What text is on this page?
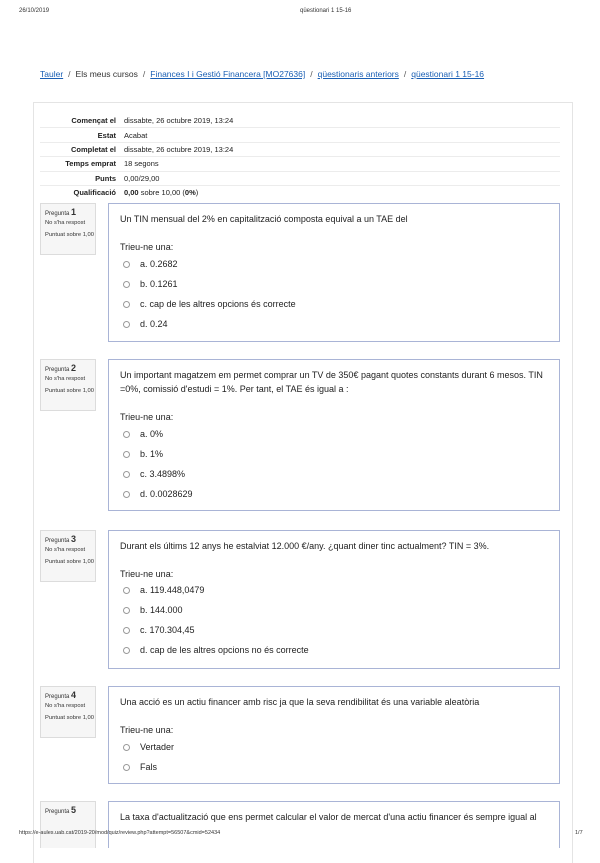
26/10/2019	qüestionari 1 15-16
Tauler / Els meus cursos / Finances I i Gestió Financera [MO27636] / qüestionaris anteriors / qüestionari 1 15-16
Començat el	dissabte, 26 octubre 2019, 13:24
Estat	Acabat
Completat el	dissabte, 26 octubre 2019, 13:24
Temps emprat	18 segons
Punts	0,00/29,00
Qualificació	0,00 sobre 10,00 (0%)
Pregunta 1
No s'ha respost
Puntuat sobre 1,00
Un TIN mensual del 2% en capitalització composta equival a un TAE del
Trieu-ne una:
a. 0.2682
b. 0.1261
c. cap de les altres opcions és correcte
d. 0.24
Pregunta 2
No s'ha respost
Puntuat sobre 1,00
Un important magatzem em permet comprar un TV de 350€ pagant quotes constants durant 6 mesos. TIN =0%, comissió d'estudi = 1%. Per tant, el TAE és igual a :
Trieu-ne una:
a. 0%
b. 1%
c. 3.4898%
d. 0.0028629
Pregunta 3
No s'ha respost
Puntuat sobre 1,00
Durant els últims 12 anys he estalviat 12.000 €/any. ¿quant diner tinc actualment? TIN = 3%.
Trieu-ne una:
a. 119.448,0479
b. 144.000
c. 170.304,45
d. cap de les altres opcions no és correcte
Pregunta 4
No s'ha respost
Puntuat sobre 1,00
Una acció es un actiu financer amb risc ja que la seva rendibilitat és una variable aleatòria
Trieu-ne una:
Vertader
Fals
Pregunta 5
La taxa d'actualització que ens permet calcular el valor de mercat d'una actiu financer és sempre igual al
https://e-aules.uab.cat/2019-20/mod/quiz/review.php?attempt=56507&cmid=52434	1/7
